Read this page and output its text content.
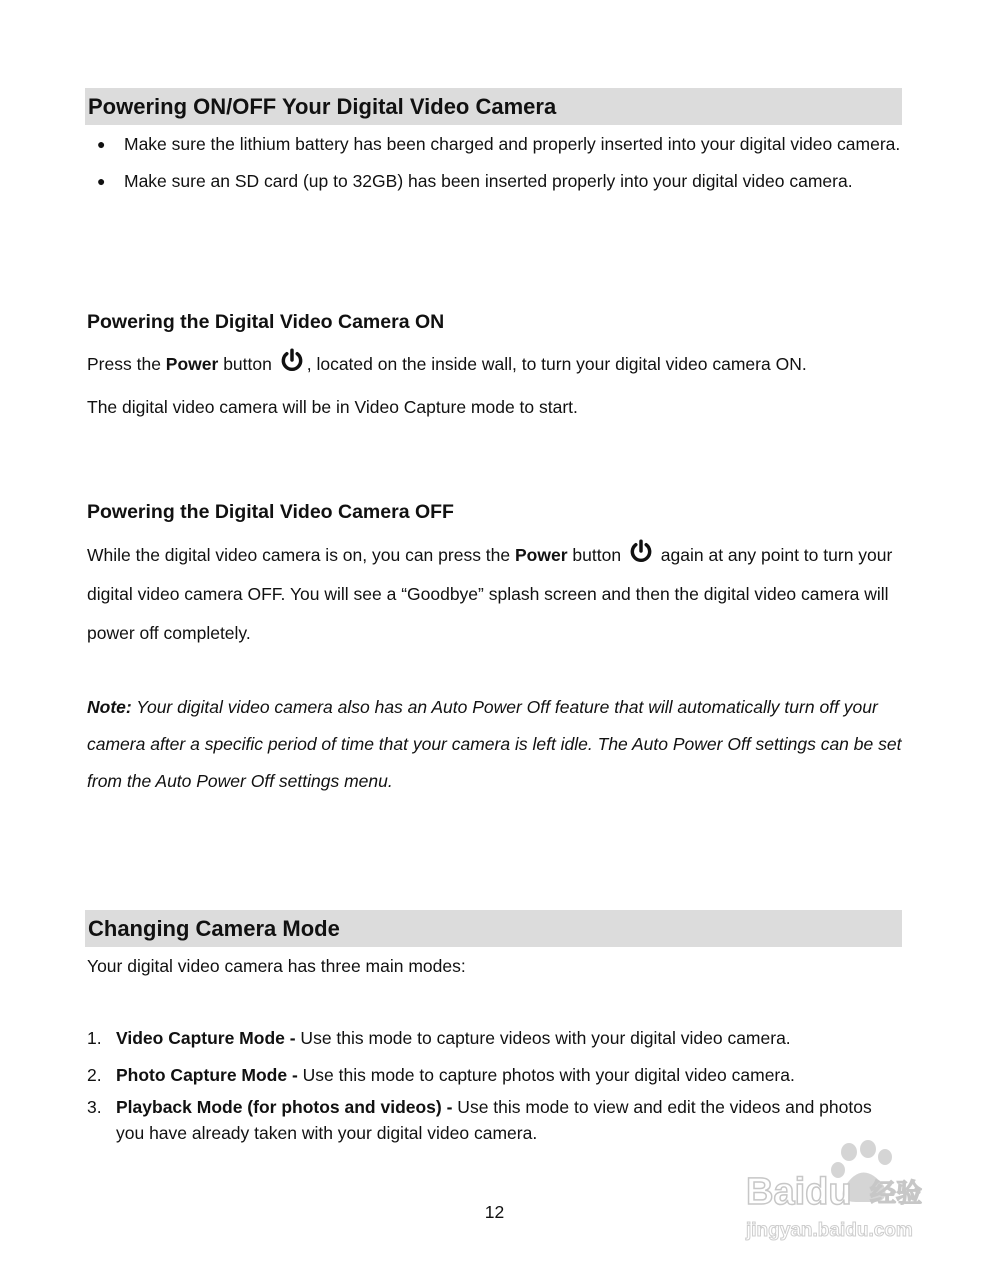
Powering ON/OFF Your Digital Video Camera
● Make sure the lithium battery has been charged and properly inserted into your digital video camera.
● Make sure an SD card (up to 32GB) has been inserted properly into your digital video camera.
Powering the Digital Video Camera ON

Press the Power button , located on the inside wall, to turn your digital video camera ON.

The digital video camera will be in Video Capture mode to start.

Powering the Digital Video Camera OFF

While the digital video camera is on, you can press the Power button  again at any point to turn your digital video camera OFF. You will see a “Goodbye” splash screen and then the digital video camera will power off completely.

Note: Your digital video camera also has an Auto Power Off feature that will automatically turn off your camera after a specific period of time that your camera is left idle. The Auto Power Off settings can be set from the Auto Power Off settings menu.

Changing Camera Mode

Your digital video camera has three main modes:

1. Video Capture Mode - Use this mode to capture videos with your digital video camera.
2. Photo Capture Mode - Use this mode to capture photos with your digital video camera.
3. Playback Mode (for photos and videos) - Use this mode to view and edit the videos and photos you have already taken with your digital video camera.
12	Baidu 经验
jingyan.baidu.com
